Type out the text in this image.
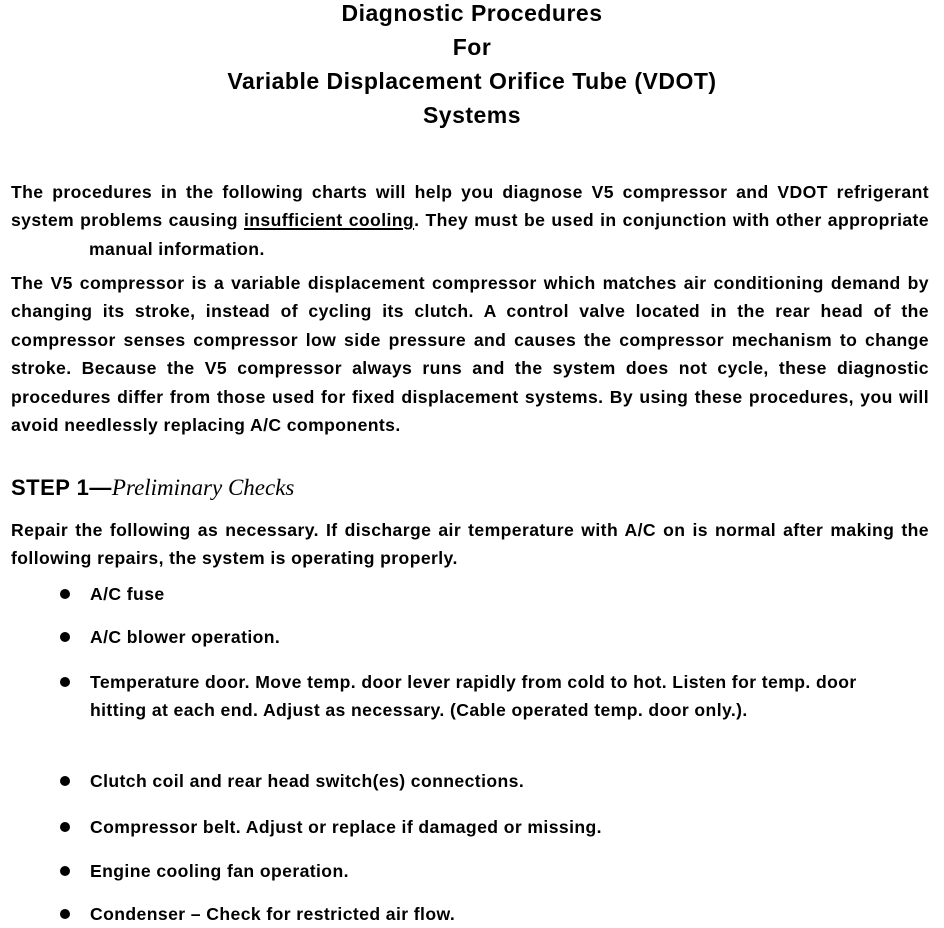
Diagnostic Procedures
For
Variable Displacement Orifice Tube (VDOT)
Systems

The procedures in the following charts will help you diagnose V5 compressor and VDOT refrigerant system problems causing insufficient cooling. They must be used in conjunction with other appropriatemanual information.

The V5 compressor is a variable displacement compressor which matches air conditioning demand by changing its stroke, instead of cycling its clutch. A control valve located in the rear head of the compressor senses compressor low side pressure and causes the compressor mechanism to change stroke. Because the V5 compressor always runs and the system does not cycle, these diagnostic procedures differ from those used for fixed displacement systems. By using these procedures, you will avoid needlessly replacing A/C components.

STEP 1—Preliminary Checks

Repair the following as necessary. If discharge air temperature with A/C on is normal after making the following repairs, the system is operating properly.

A/C fuse

A/C blower operation.

Temperature door. Move temp. door lever rapidly from cold to hot. Listen for temp. door hitting at each end. Adjust as necessary. (Cable operated temp. door only.).

Clutch coil and rear head switch(es) connections.

Compressor belt. Adjust or replace if damaged or missing.

Engine cooling fan operation.

Condenser – Check for restricted air flow.
